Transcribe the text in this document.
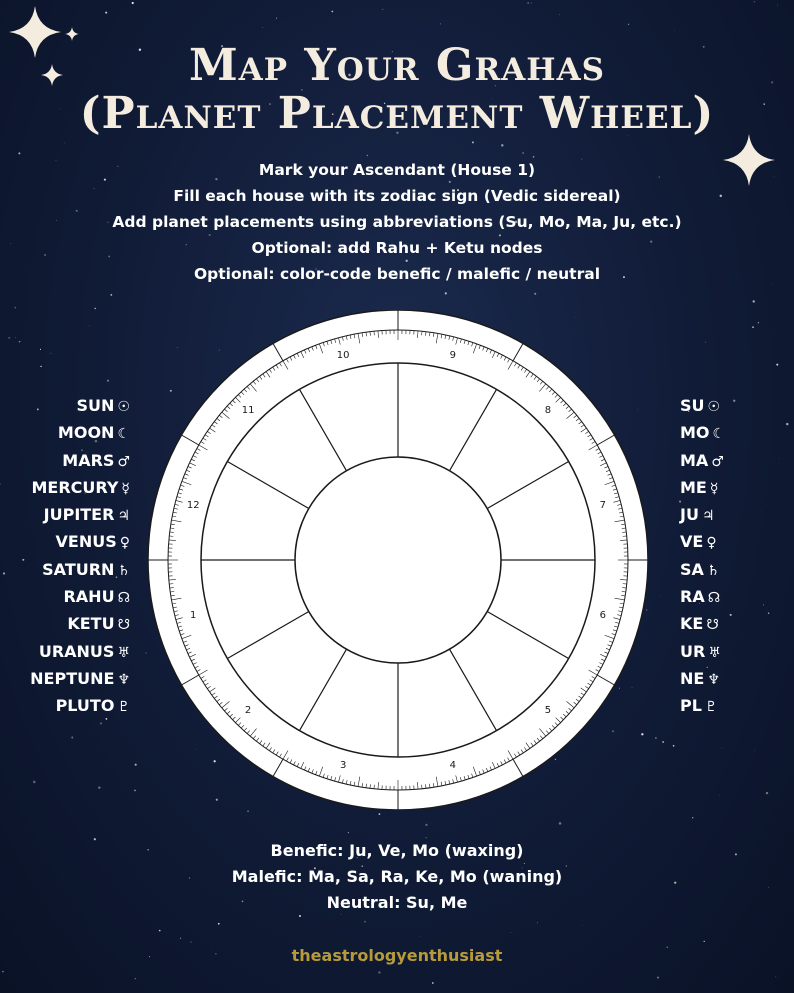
Map Your Grahas
(Planet Placement Wheel)
Mark your Ascendant (House 1)
Fill each house with its zodiac sign (Vedic sidereal)
Add planet placements using abbreviations (Su, Mo, Ma, Ju, etc.)
Optional: add Rahu + Ketu nodes
Optional: color-code benefic / malefic / neutral
SUN ☉
MOON ☾
MARS ♂
MERCURY ☿
JUPITER ♃
VENUS ♀
SATURN ♄
RAHU ☊
KETU ☋
URANUS ♅
NEPTUNE ♆
PLUTO ♇
SU ☉
MO ☾
MA ♂
ME ☿
JU ♃
VE ♀
SA ♄
RA ☊
KE ☋
UR ♅
NE ♆
PL ♇
1
2
3	4
5
6
7
8
9
10
11
12
Benefic: Ju, Ve, Mo (waxing)
Malefic: Ma, Sa, Ra, Ke, Mo (waning)
Neutral: Su, Me
theastrologyenthusiast
